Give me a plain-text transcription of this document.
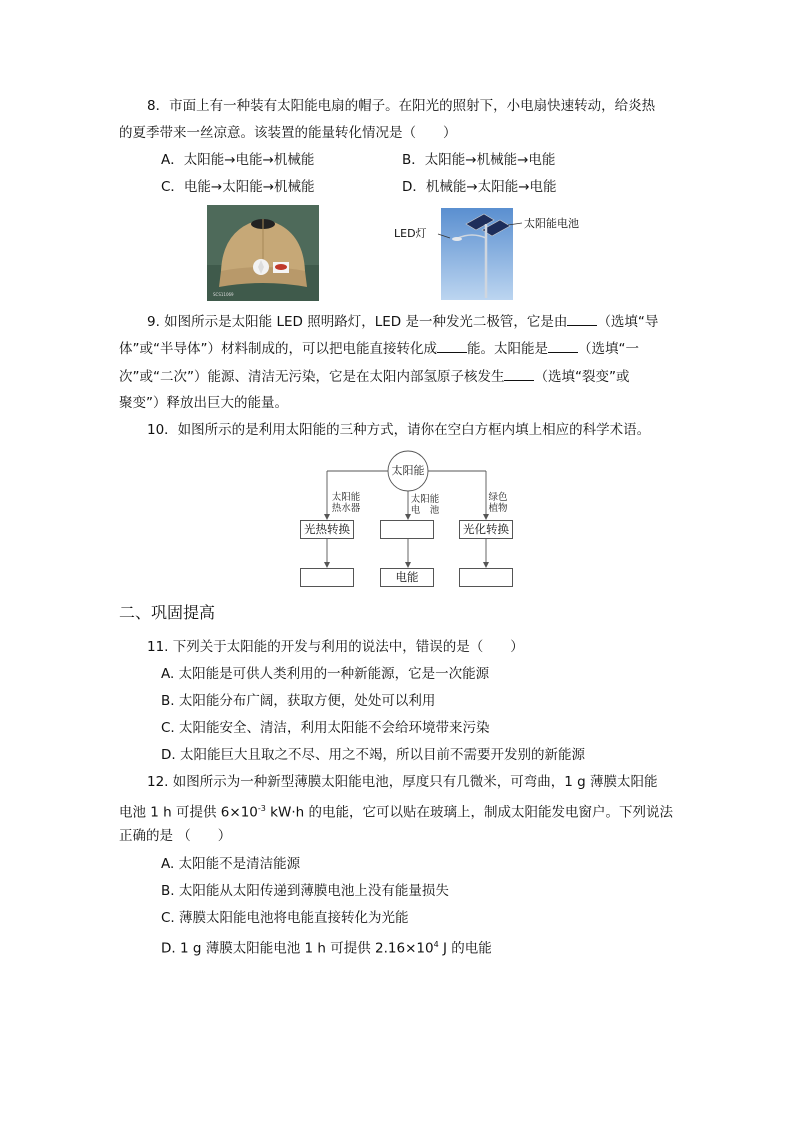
8．市面上有一种装有太阳能电扇的帽子。在阳光的照射下，小电扇快速转动，给炎热
的夏季带来一丝凉意。该装置的能量转化情况是（　　）
A．太阳能→电能→机械能	B．太阳能→机械能→电能
C．电能→太阳能→机械能	D．机械能→太阳能→电能
SCS11069
LED灯
太阳能电池
9. 如图所示是太阳能 LED 照明路灯，LED 是一种发光二极管，它是由 （选填“导
体”或“半导体”）材料制成的，可以把电能直接转化成 能。太阳能是 （选填“一
次”或“二次”）能源、清洁无污染，它是在太阳内部氢原子核发生 （选填“裂变”或
聚变”）释放出巨大的能量。
10．如图所示的是利用太阳能的三种方式，请你在空白方框内填上相应的科学术语。
太阳能
太阳能
热水器
太阳能
电　池
绿色
植物
光热转换	光化转换
电能
二、巩固提高
11. 下列关于太阳能的开发与利用的说法中，错误的是（　　）
A. 太阳能是可供人类利用的一种新能源，它是一次能源
B. 太阳能分布广阔，获取方便，处处可以利用
C. 太阳能安全、清洁，利用太阳能不会给环境带来污染
D. 太阳能巨大且取之不尽、用之不竭，所以目前不需要开发别的新能源
12. 如图所示为一种新型薄膜太阳能电池，厚度只有几微米，可弯曲，1 g 薄膜太阳能
电池 1 h 可提供 $6\times 10^{-3}$ kW·h 的电能，它可以贴在玻璃上，制成太阳能发电窗户。下列说法
正确的是 （　　）
A. 太阳能不是清洁能源
B. 太阳能从太阳传递到薄膜电池上没有能量损失
C. 薄膜太阳能电池将电能直接转化为光能
D. 1 g 薄膜太阳能电池 1 h 可提供 $2.16\times 10^4$ J 的电能
